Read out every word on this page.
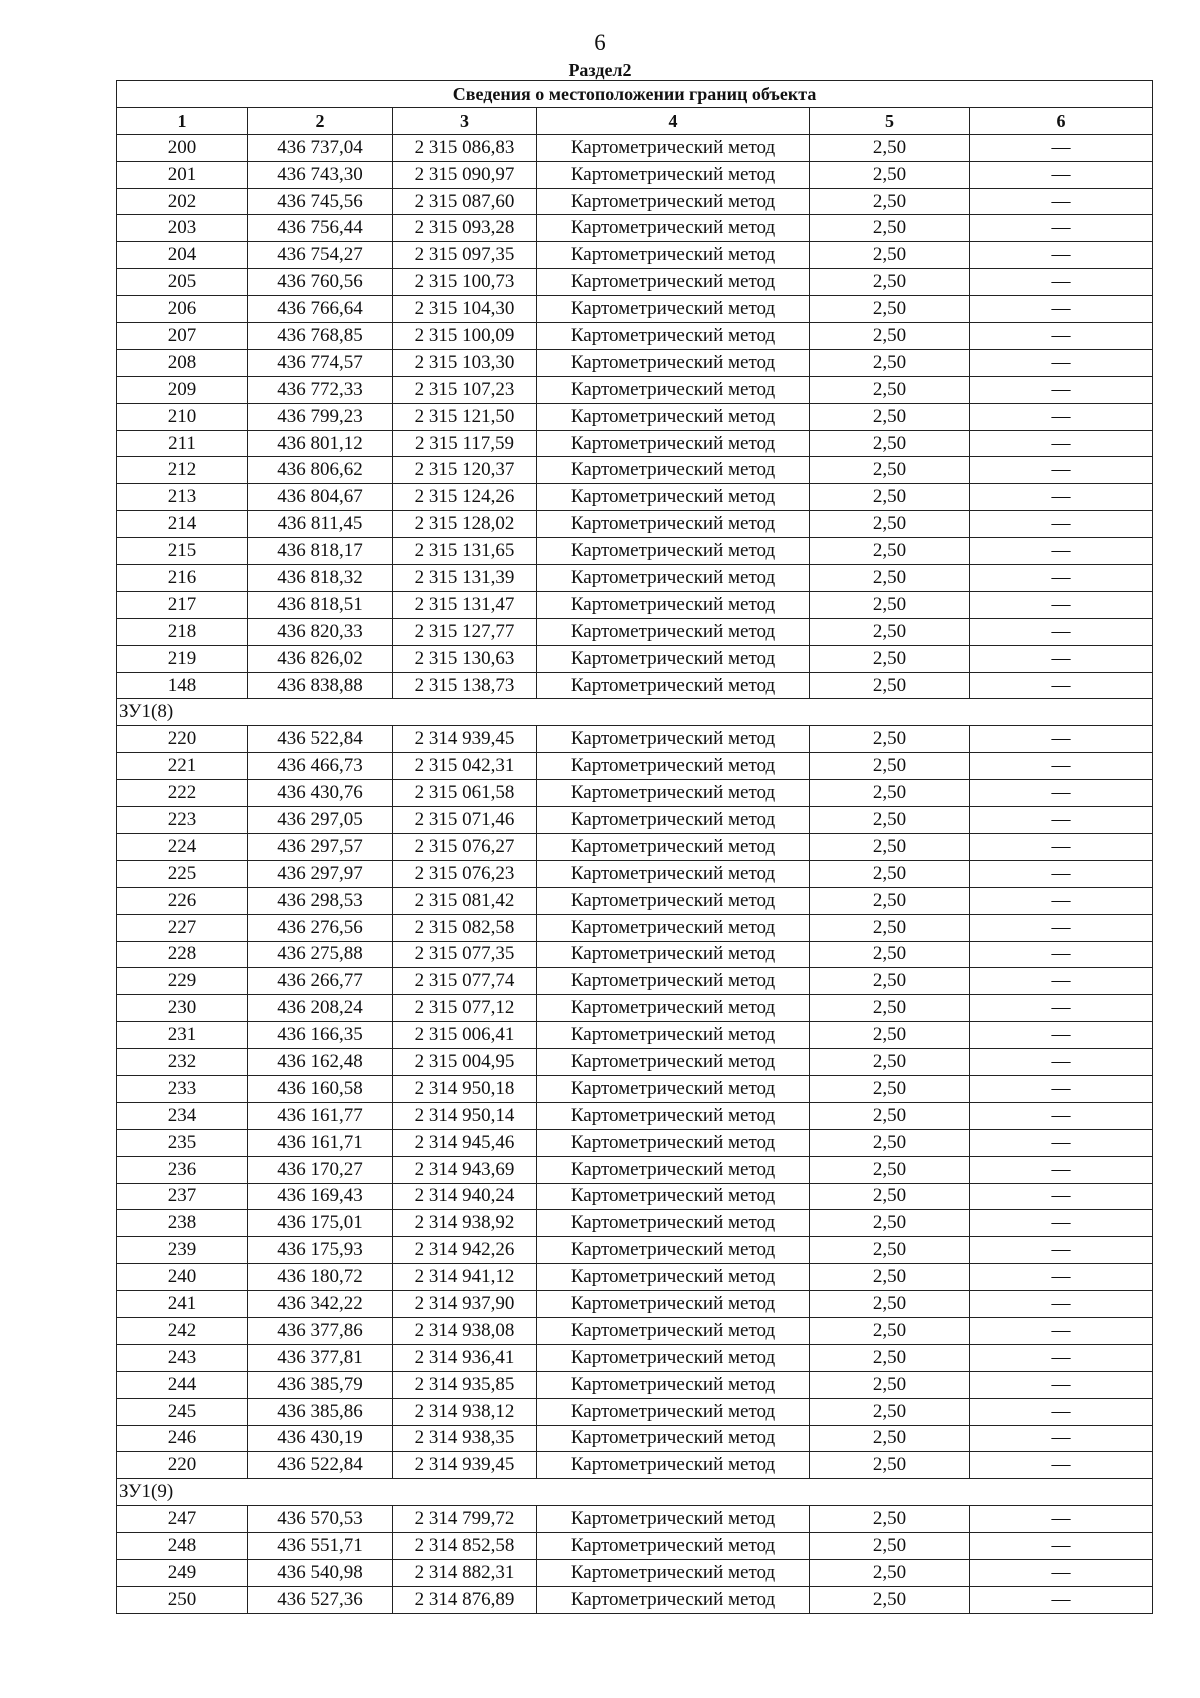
6
Раздел2
Сведения о местоположении границ объекта					
1	2	3	4	5	6
200	436 737,04	2 315 086,83	Картометрический метод	2,50	—
201	436 743,30	2 315 090,97	Картометрический метод	2,50	—
202	436 745,56	2 315 087,60	Картометрический метод	2,50	—
203	436 756,44	2 315 093,28	Картометрический метод	2,50	—
204	436 754,27	2 315 097,35	Картометрический метод	2,50	—
205	436 760,56	2 315 100,73	Картометрический метод	2,50	—
206	436 766,64	2 315 104,30	Картометрический метод	2,50	—
207	436 768,85	2 315 100,09	Картометрический метод	2,50	—
208	436 774,57	2 315 103,30	Картометрический метод	2,50	—
209	436 772,33	2 315 107,23	Картометрический метод	2,50	—
210	436 799,23	2 315 121,50	Картометрический метод	2,50	—
211	436 801,12	2 315 117,59	Картометрический метод	2,50	—
212	436 806,62	2 315 120,37	Картометрический метод	2,50	—
213	436 804,67	2 315 124,26	Картометрический метод	2,50	—
214	436 811,45	2 315 128,02	Картометрический метод	2,50	—
215	436 818,17	2 315 131,65	Картометрический метод	2,50	—
216	436 818,32	2 315 131,39	Картометрический метод	2,50	—
217	436 818,51	2 315 131,47	Картометрический метод	2,50	—
218	436 820,33	2 315 127,77	Картометрический метод	2,50	—
219	436 826,02	2 315 130,63	Картометрический метод	2,50	—
148	436 838,88	2 315 138,73	Картометрический метод	2,50	—
ЗУ1(8)					
220	436 522,84	2 314 939,45	Картометрический метод	2,50	—
221	436 466,73	2 315 042,31	Картометрический метод	2,50	—
222	436 430,76	2 315 061,58	Картометрический метод	2,50	—
223	436 297,05	2 315 071,46	Картометрический метод	2,50	—
224	436 297,57	2 315 076,27	Картометрический метод	2,50	—
225	436 297,97	2 315 076,23	Картометрический метод	2,50	—
226	436 298,53	2 315 081,42	Картометрический метод	2,50	—
227	436 276,56	2 315 082,58	Картометрический метод	2,50	—
228	436 275,88	2 315 077,35	Картометрический метод	2,50	—
229	436 266,77	2 315 077,74	Картометрический метод	2,50	—
230	436 208,24	2 315 077,12	Картометрический метод	2,50	—
231	436 166,35	2 315 006,41	Картометрический метод	2,50	—
232	436 162,48	2 315 004,95	Картометрический метод	2,50	—
233	436 160,58	2 314 950,18	Картометрический метод	2,50	—
234	436 161,77	2 314 950,14	Картометрический метод	2,50	—
235	436 161,71	2 314 945,46	Картометрический метод	2,50	—
236	436 170,27	2 314 943,69	Картометрический метод	2,50	—
237	436 169,43	2 314 940,24	Картометрический метод	2,50	—
238	436 175,01	2 314 938,92	Картометрический метод	2,50	—
239	436 175,93	2 314 942,26	Картометрический метод	2,50	—
240	436 180,72	2 314 941,12	Картометрический метод	2,50	—
241	436 342,22	2 314 937,90	Картометрический метод	2,50	—
242	436 377,86	2 314 938,08	Картометрический метод	2,50	—
243	436 377,81	2 314 936,41	Картометрический метод	2,50	—
244	436 385,79	2 314 935,85	Картометрический метод	2,50	—
245	436 385,86	2 314 938,12	Картометрический метод	2,50	—
246	436 430,19	2 314 938,35	Картометрический метод	2,50	—
220	436 522,84	2 314 939,45	Картометрический метод	2,50	—
ЗУ1(9)					
247	436 570,53	2 314 799,72	Картометрический метод	2,50	—
248	436 551,71	2 314 852,58	Картометрический метод	2,50	—
249	436 540,98	2 314 882,31	Картометрический метод	2,50	—
250	436 527,36	2 314 876,89	Картометрический метод	2,50	—
